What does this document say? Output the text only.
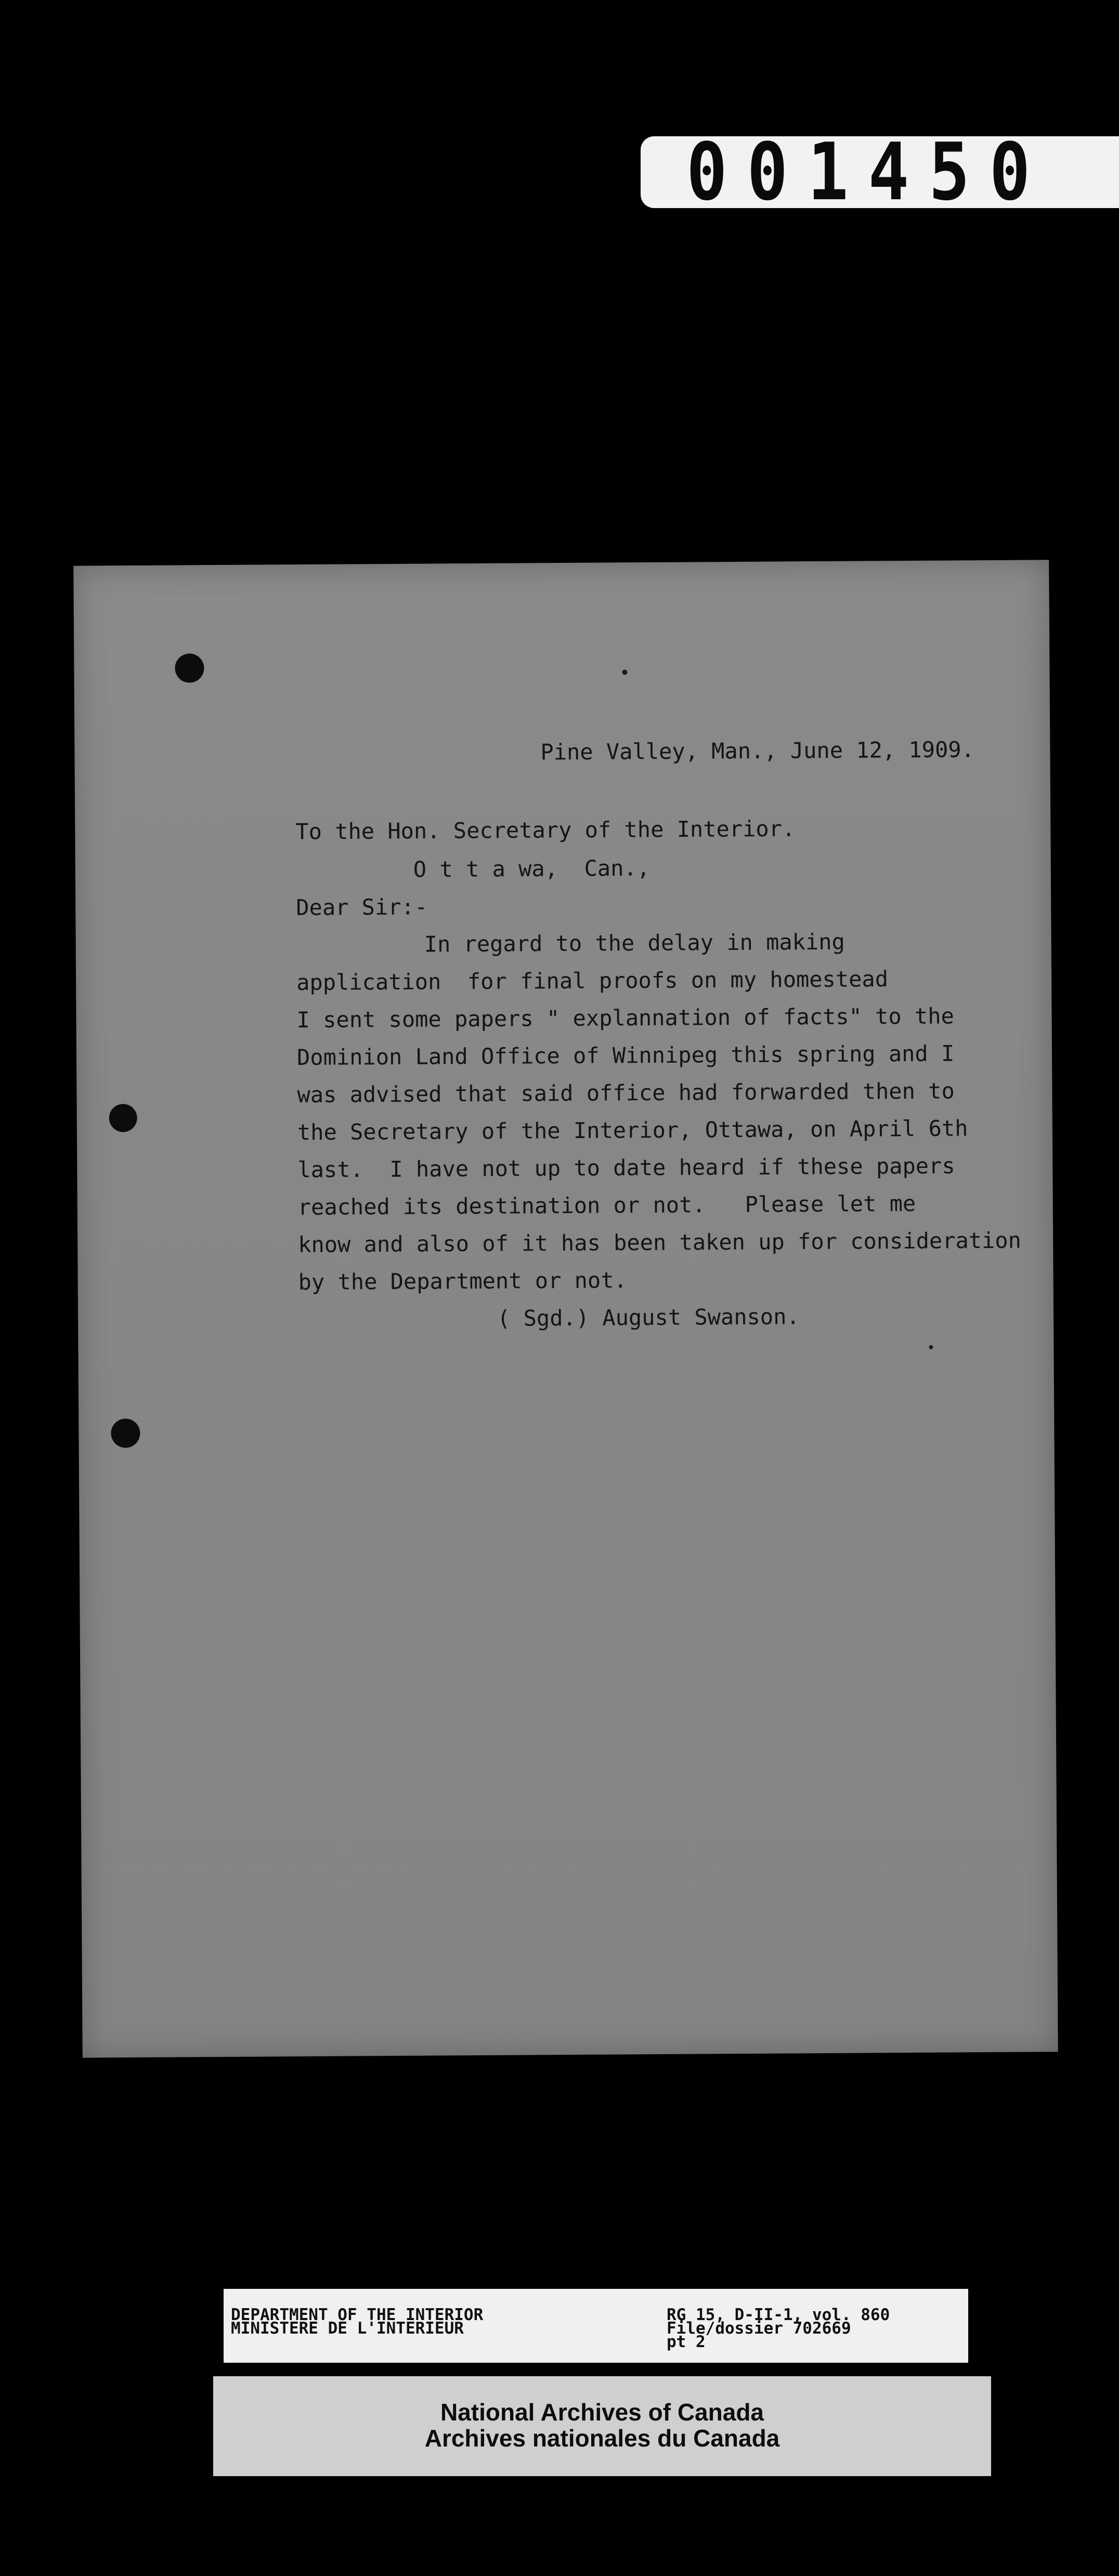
001450
Pine Valley, Man., June 12, 1909.
To the Hon. Secretary of the Interior.
O t t a wa,  Can.,
Dear Sir:-
In regard to the delay in making
application  for final proofs on my homestead
I sent some papers " explannation of facts" to the
Dominion Land Office of Winnipeg this spring and I
was advised that said office had forwarded then to
the Secretary of the Interior, Ottawa, on April 6th
last.  I have not up to date heard if these papers
reached its destination or not.   Please let me
know and also of it has been taken up for consideration
by the Department or not.
( Sgd.) August Swanson.
DEPARTMENT OF THE INTERIOR
MINISTERE DE L'INTERIEUR
RG 15, D-II-1, vol. 860
File/dossier 702669
pt 2
National Archives of Canada
Archives nationales du Canada
